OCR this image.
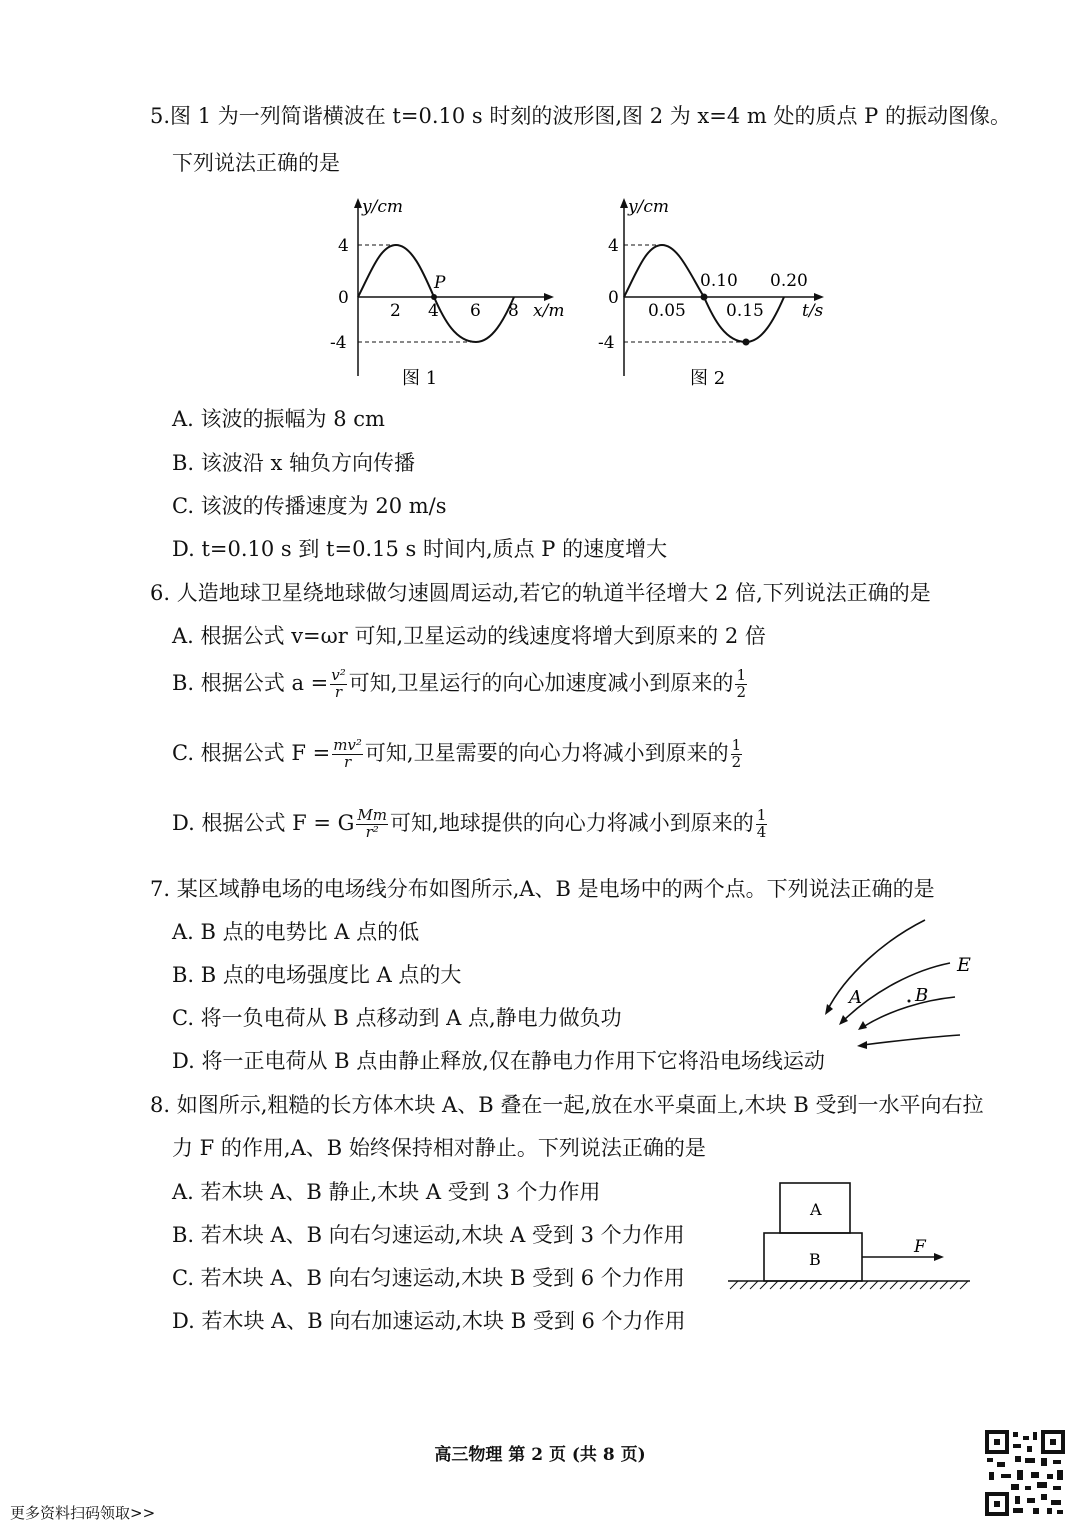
5.图 1 为一列简谐横波在 t=0.10 s 时刻的波形图,图 2 为 x=4 m 处的质点 P 的振动图像。
下列说法正确的是
y/cm
x/m
4
0
-4
2 4 6 8
P
图 1
y/cm
t/s
4
0
-4
0.05 0.15
0.10 0.20
图 2
A. 该波的振幅为 8 cm
B. 该波沿 x 轴负方向传播
C. 该波的传播速度为 20 m/s
D. t=0.10 s 到 t=0.15 s 时间内,质点 P 的速度增大
6. 人造地球卫星绕地球做匀速圆周运动,若它的轨道半径增大 2 倍,下列说法正确的是
A. 根据公式 v=ωr 可知,卫星运动的线速度将增大到原来的 2 倍
B. 根据公式 $a = \frac{\text{v²}}{r}$ 可知,卫星运行的向心加速度减小到原来的 $\frac{1}{2}$
C. 根据公式 $F = \frac{\text{mv²}}{r}$ 可知,卫星需要的向心力将减小到原来的 $\frac{1}{2}$
D. 根据公式 F = G $\frac{Mm}{\text{r²}}$ 可知,地球提供的向心力将减小到原来的 $\frac{1}{4}$
7. 某区域静电场的电场线分布如图所示,A、B 是电场中的两个点。下列说法正确的是
A. B 点的电势比 A 点的低
B. B 点的电场强度比 A 点的大
C. 将一负电荷从 B 点移动到 A 点,静电力做负功
D. 将一正电荷从 B 点由静止释放,仅在静电力作用下它将沿电场线运动
E
A	B
8. 如图所示,粗糙的长方体木块 A、B 叠在一起,放在水平桌面上,木块 B 受到一水平向右拉
力 F 的作用,A、B 始终保持相对静止。下列说法正确的是
A. 若木块 A、B 静止,木块 A 受到 3 个力作用
B. 若木块 A、B 向右匀速运动,木块 A 受到 3 个力作用
C. 若木块 A、B 向右匀速运动,木块 B 受到 6 个力作用
D. 若木块 A、B 向右加速运动,木块 B 受到 6 个力作用
A
B
F
高三物理 第 2 页 (共 8 页)
更多资料扫码领取>>
